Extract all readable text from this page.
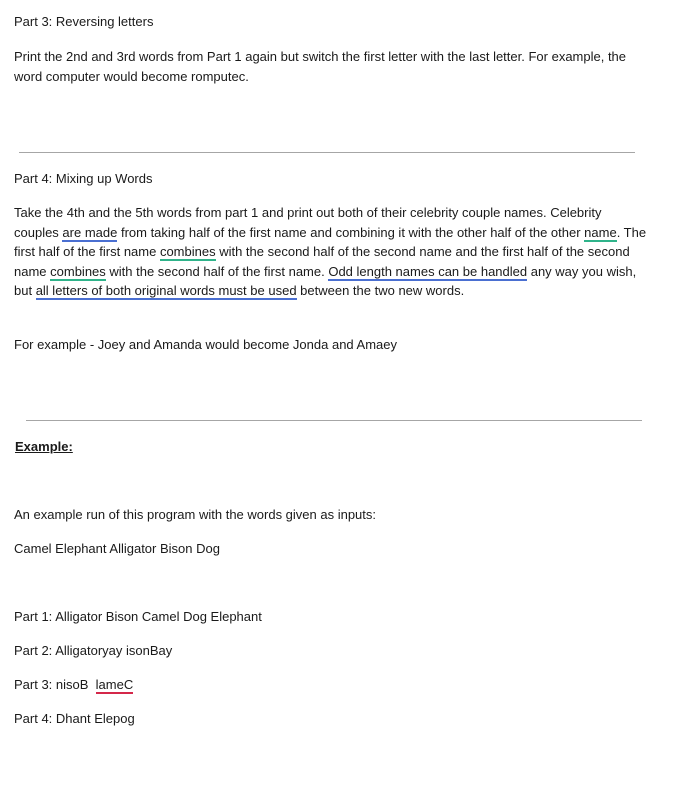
Part 3: Reversing letters
Print the 2nd and 3rd words from Part 1 again but switch the first letter with the last letter. For example, the word computer would become romputec.
Part 4: Mixing up Words
Take the 4th and the 5th words from part 1 and print out both of their celebrity couple names. Celebrity couples are made from taking half of the first name and combining it with the other half of the other name. The first half of the first name combines with the second half of the second name and the first half of the second name combines with the second half of the first name. Odd length names can be handled any way you wish, but all letters of both original words must be used between the two new words.
For example - Joey and Amanda would become Jonda and Amaey
Example:
An example run of this program with the words given as inputs:
Camel Elephant Alligator Bison Dog
Part 1: Alligator Bison Camel Dog Elephant
Part 2: Alligatoryay isonBay
Part 3: nisoB  lameC
Part 4: Dhant Elepog
